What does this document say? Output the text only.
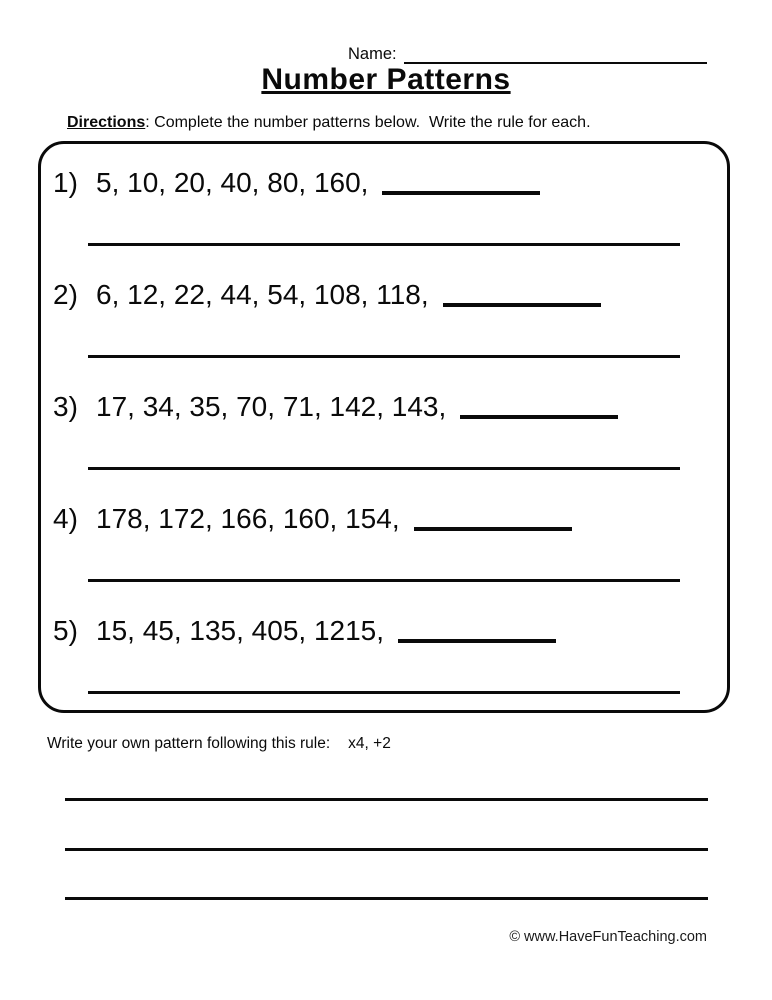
Name:
Number Patterns
Directions: Complete the number patterns below.  Write the rule for each.
1) 5, 10, 20, 40, 80, 160,
2) 6, 12, 22, 44, 54, 108, 118,
3) 17, 34, 35, 70, 71, 142, 143,
4) 178, 172, 166, 160, 154,
5) 15, 45, 135, 405, 1215,
Write your own pattern following this rule: x4, +2
© www.HaveFunTeaching.com
